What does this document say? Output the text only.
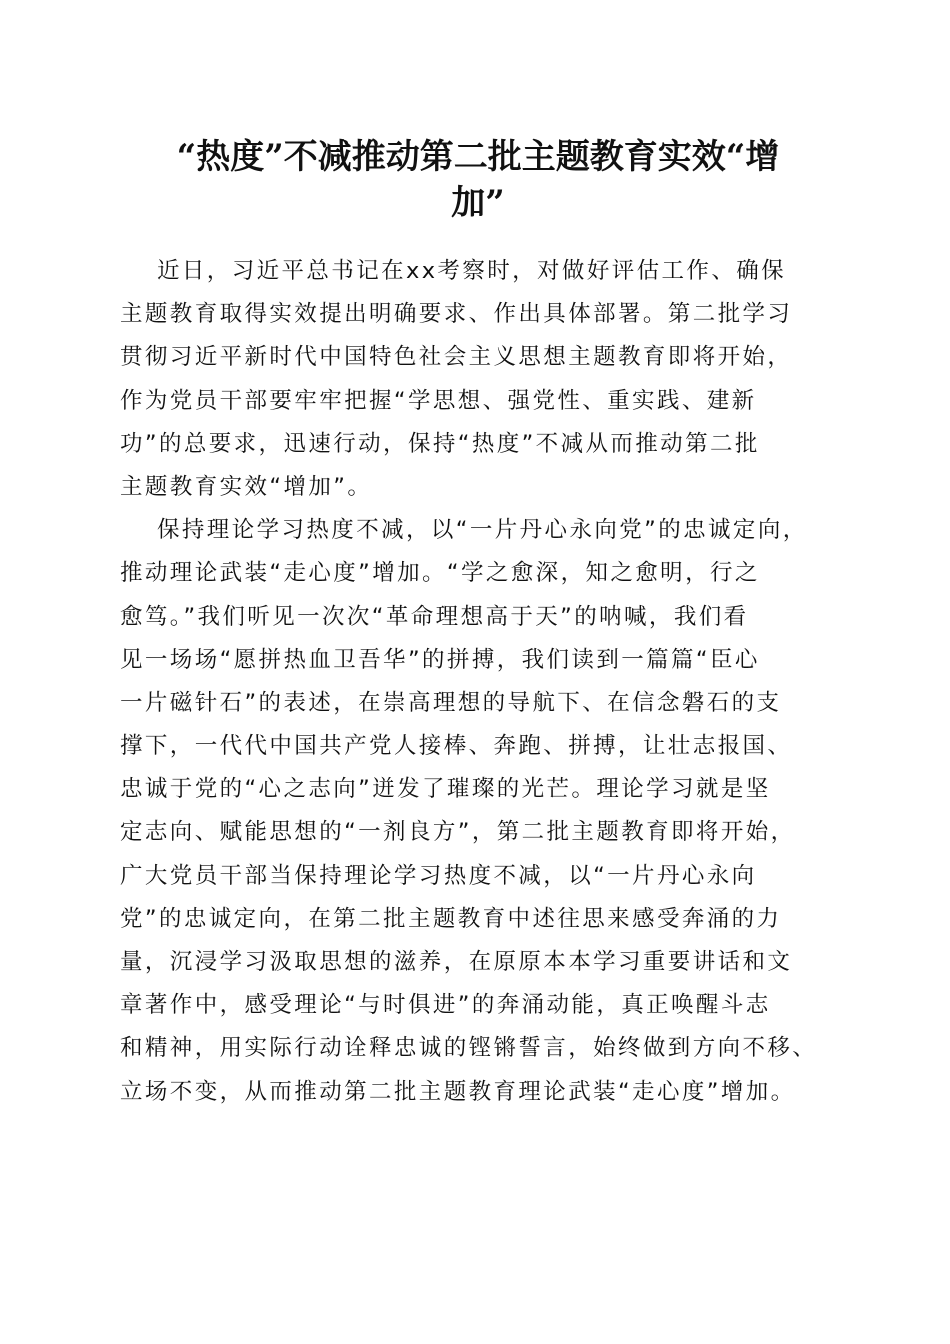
“热度”不减推动第二批主题教育实效“增
加”
近日，习近平总书记在xx考察时，对做好评估工作、确保
主题教育取得实效提出明确要求、作出具体部署。第二批学习
贯彻习近平新时代中国特色社会主义思想主题教育即将开始，
作为党员干部要牢牢把握“学思想、强党性、重实践、建新
功”的总要求，迅速行动，保持“热度”不减从而推动第二批
主题教育实效“增加”。
保持理论学习热度不减，以“一片丹心永向党”的忠诚定向，
推动理论武装“走心度”增加。“学之愈深，知之愈明，行之
愈笃。”我们听见一次次“革命理想高于天”的呐喊，我们看
见一场场“愿拼热血卫吾华”的拼搏，我们读到一篇篇“臣心
一片磁针石”的表述，在崇高理想的导航下、在信念磐石的支
撑下，一代代中国共产党人接棒、奔跑、拼搏，让壮志报国、
忠诚于党的“心之志向”迸发了璀璨的光芒。理论学习就是坚
定志向、赋能思想的“一剂良方”，第二批主题教育即将开始，
广大党员干部当保持理论学习热度不减，以“一片丹心永向
党”的忠诚定向，在第二批主题教育中述往思来感受奔涌的力
量，沉浸学习汲取思想的滋养，在原原本本学习重要讲话和文
章著作中，感受理论“与时俱进”的奔涌动能，真正唤醒斗志
和精神，用实际行动诠释忠诚的铿锵誓言，始终做到方向不移、
立场不变，从而推动第二批主题教育理论武装“走心度”增加。
